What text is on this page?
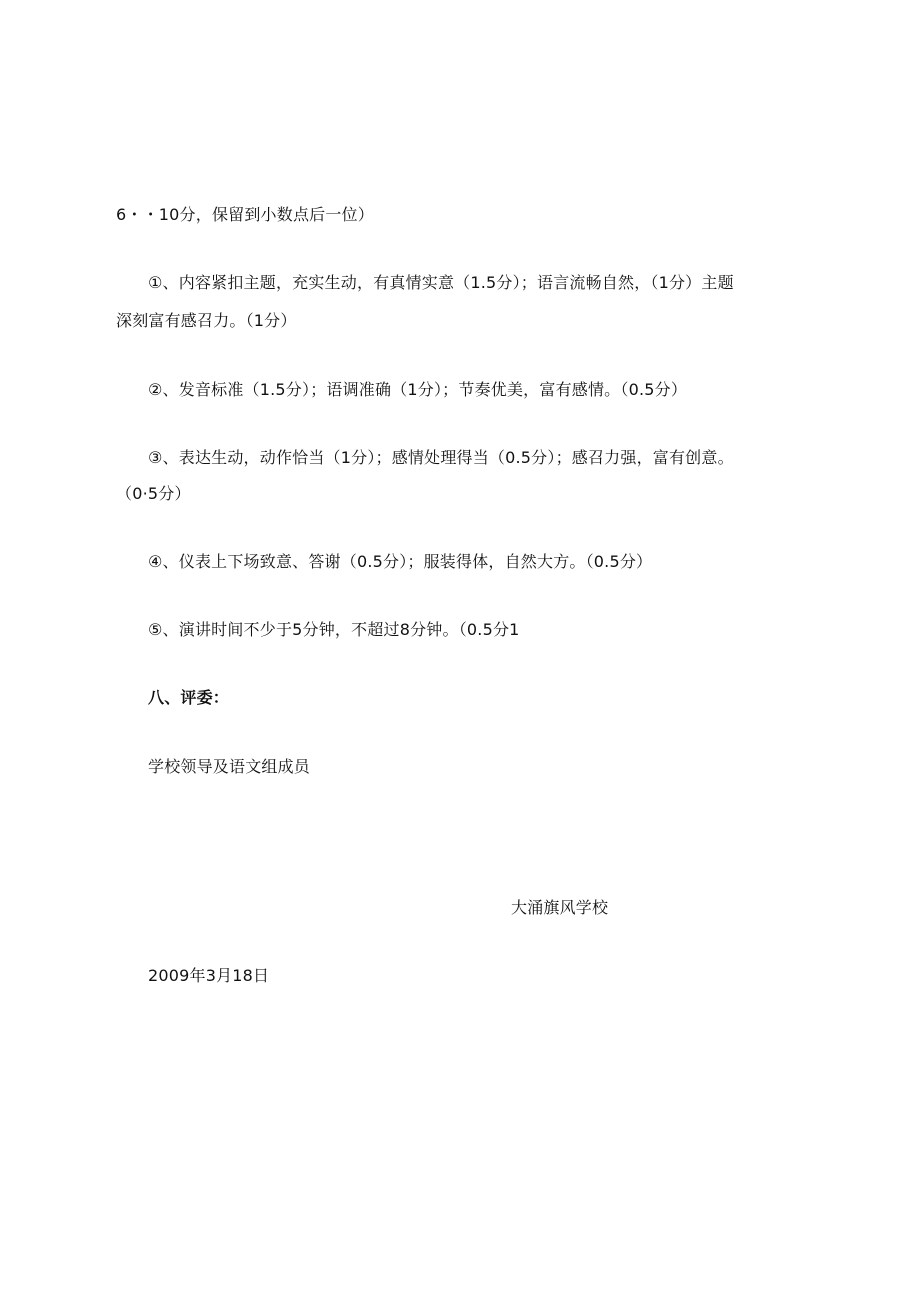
6・・10分，保留到小数点后一位）
①、内容紧扣主题，充实生动，有真情实意（1.5分）；语言流畅自然，（1分）主题
深刻富有感召力。（1分）
②、发音标准（1.5分）；语调准确（1分）；节奏优美，富有感情。（0.5分）
③、表达生动，动作恰当（1分）；感情处理得当（0.5分）；感召力强，富有创意。
（0·5分）
④、仪表上下场致意、答谢（0.5分）；服装得体，自然大方。（0.5分）
⑤、演讲时间不少于5分钟，不超过8分钟。（0.5分1
八、评委：
学校领导及语文组成员
大涌旗风学校
2009年3月18日
